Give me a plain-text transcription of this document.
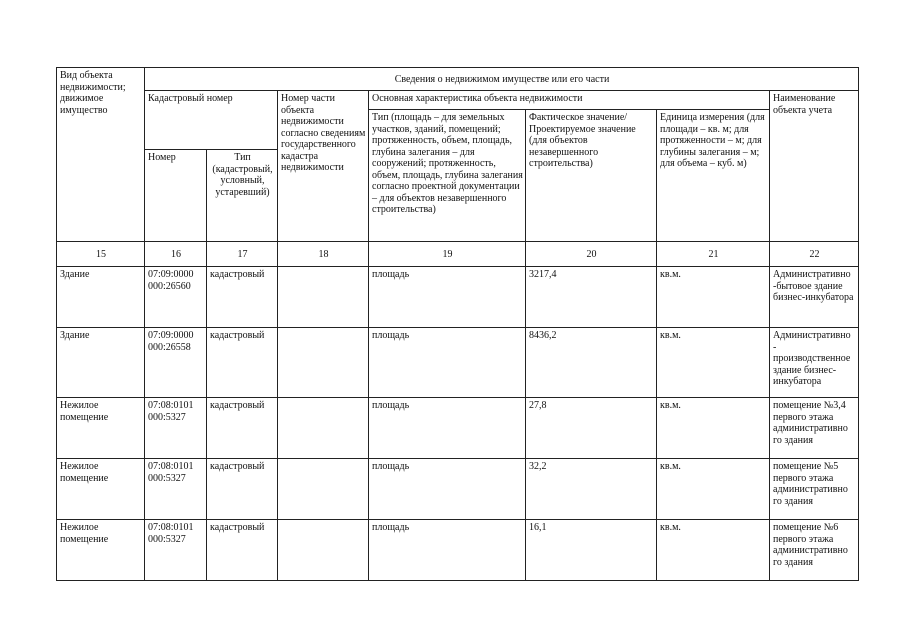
Вид объекта недвижимости; движимое имущество	Сведения о недвижимом имуществе или его части						
	Кадастровый номер		Номер части объекта недвижимости согласно сведениям государственного кадастра недвижимости	Основная характеристика объекта недвижимости			Наименование объекта учета
				Тип (площадь – для земельных участков, зданий, помещений; протяженность, объем, площадь, глубина залегания – для сооружений; протяженность, объем, площадь, глубина залегания согласно проектной документации – для объектов незавершенного строительства)	Фактическое значение/Проектируемое значение (для объектов незавершенного строительства)	Единица измерения (для площади – кв. м; для протяженности – м; для глубины залегания – м; для объема – куб. м)	
	Номер	Тип (кадастровый, условный, устаревший)					
15	16	17	18	19	20	21	22
Здание	07:09:0000 000:26560	кадастровый		площадь	3217,4	кв.м.	Административно -бытовое здание бизнес-инкубатора
Здание	07:09:0000 000:26558	кадастровый		площадь	8436,2	кв.м.	Административно - производственное здание бизнес-инкубатора
Нежилое помещение	07:08:0101 000:5327	кадастровый		площадь	27,8	кв.м.	помещение №3,4 первого этажа административно го здания
Нежилое помещение	07:08:0101 000:5327	кадастровый		площадь	32,2	кв.м.	помещение №5 первого этажа административно го здания
Нежилое помещение	07:08:0101 000:5327	кадастровый		площадь	16,1	кв.м.	помещение №6 первого этажа административно го здания
